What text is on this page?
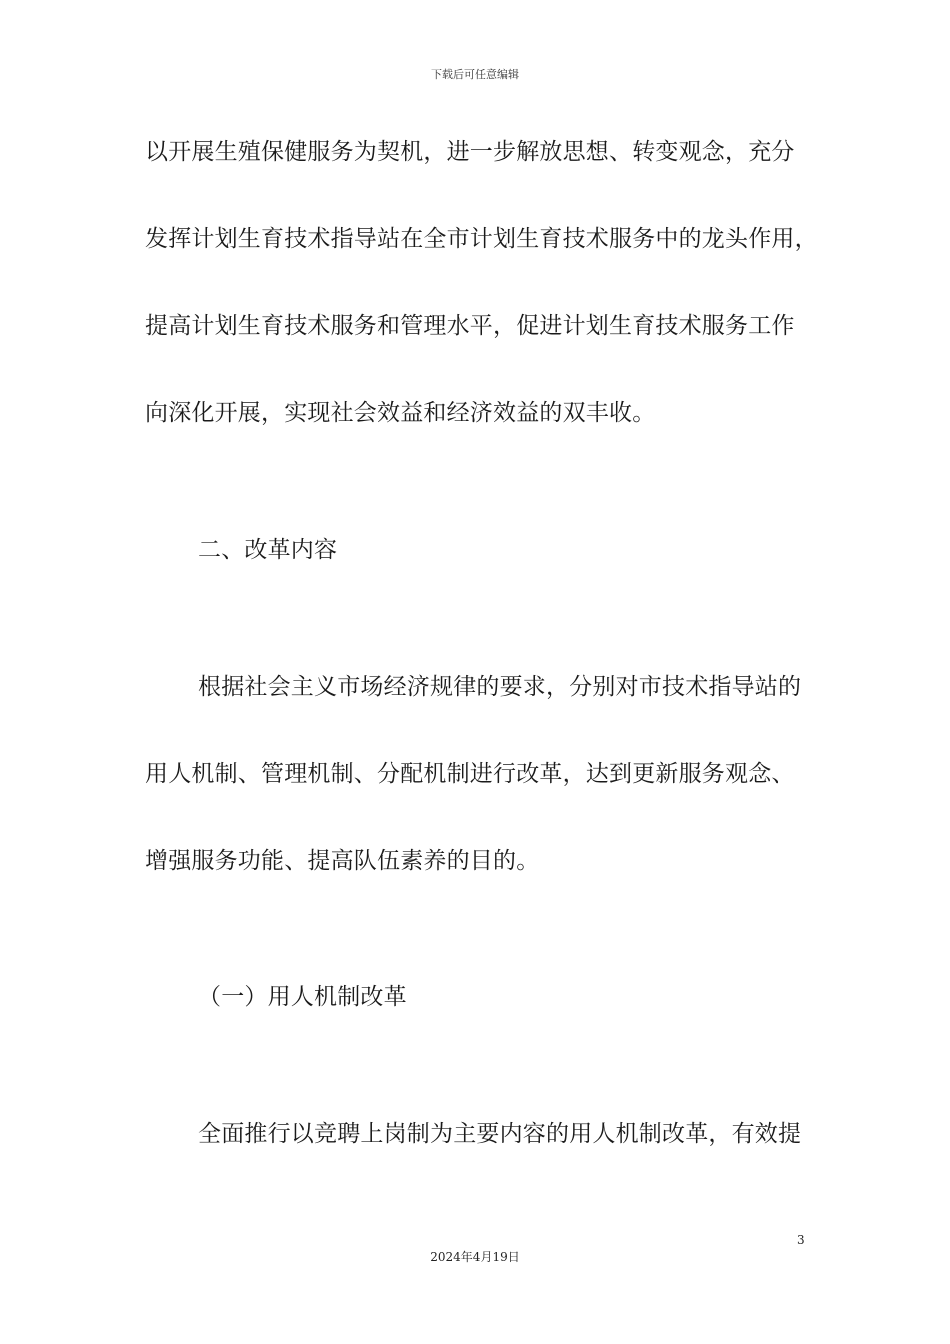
下载后可任意编辑
以开展生殖保健服务为契机，进一步解放思想、转变观念，充分
发挥计划生育技术指导站在全市计划生育技术服务中的龙头作用，
提高计划生育技术服务和管理水平，促进计划生育技术服务工作
向深化开展，实现社会效益和经济效益的双丰收。
二、改革内容
根据社会主义市场经济规律的要求，分别对市技术指导站的
用人机制、管理机制、分配机制进行改革，达到更新服务观念、
增强服务功能、提高队伍素养的目的。
（一）用人机制改革
全面推行以竞聘上岗制为主要内容的用人机制改革，有效提
3
2024年4月19日
